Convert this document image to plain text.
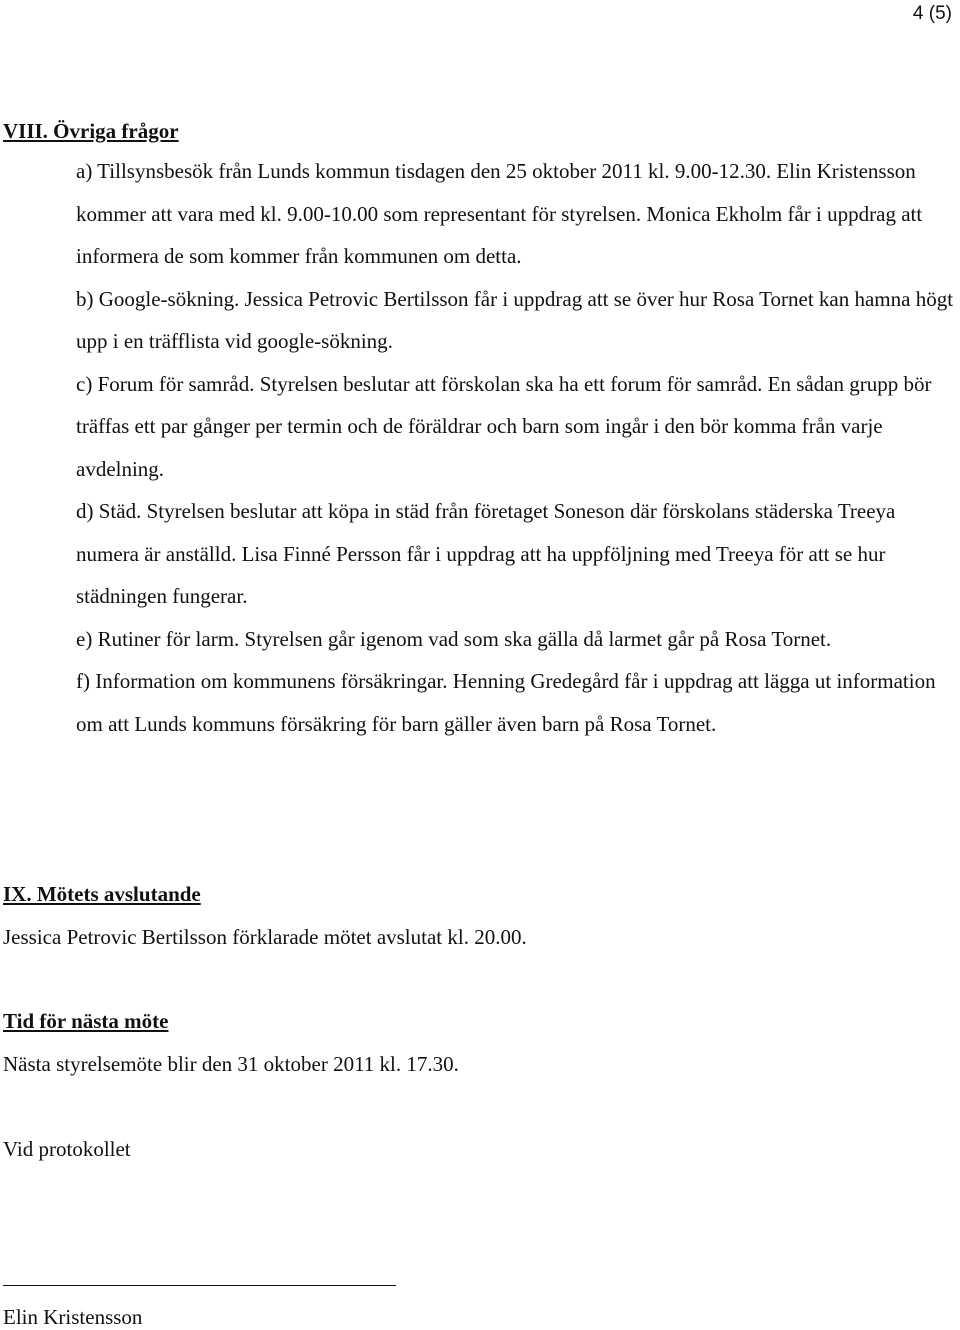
4 (5)
VIII. Övriga frågor

a) Tillsynsbesök från Lunds kommun tisdagen den 25 oktober 2011 kl. 9.00-12.30. Elin Kristensson kommer att vara med kl. 9.00-10.00 som representant för styrelsen. Monica Ekholm får i uppdrag att informera de som kommer från kommunen om detta.

b) Google-sökning. Jessica Petrovic Bertilsson får i uppdrag att se över hur Rosa Tornet kan hamna högt upp i en träfflista vid google-sökning.

c) Forum för samråd. Styrelsen beslutar att förskolan ska ha ett forum för samråd. En sådan grupp bör träffas ett par gånger per termin och de föräldrar och barn som ingår i den bör komma från varje avdelning.

d) Städ. Styrelsen beslutar att köpa in städ från företaget Soneson där förskolans städerska Treeya numera är anställd. Lisa Finné Persson får i uppdrag att ha uppföljning med Treeya för att se hur städningen fungerar.

e) Rutiner för larm. Styrelsen går igenom vad som ska gälla då larmet går på Rosa Tornet.

f) Information om kommunens försäkringar. Henning Gredegård får i uppdrag att lägga ut information om att Lunds kommuns försäkring för barn gäller även barn på Rosa Tornet.

IX. Mötets avslutande
Jessica Petrovic Bertilsson förklarade mötet avslutat kl. 20.00.
Tid för nästa möte
Nästa styrelsemöte blir den 31 oktober 2011 kl. 17.30.
Vid protokollet
Elin Kristensson
